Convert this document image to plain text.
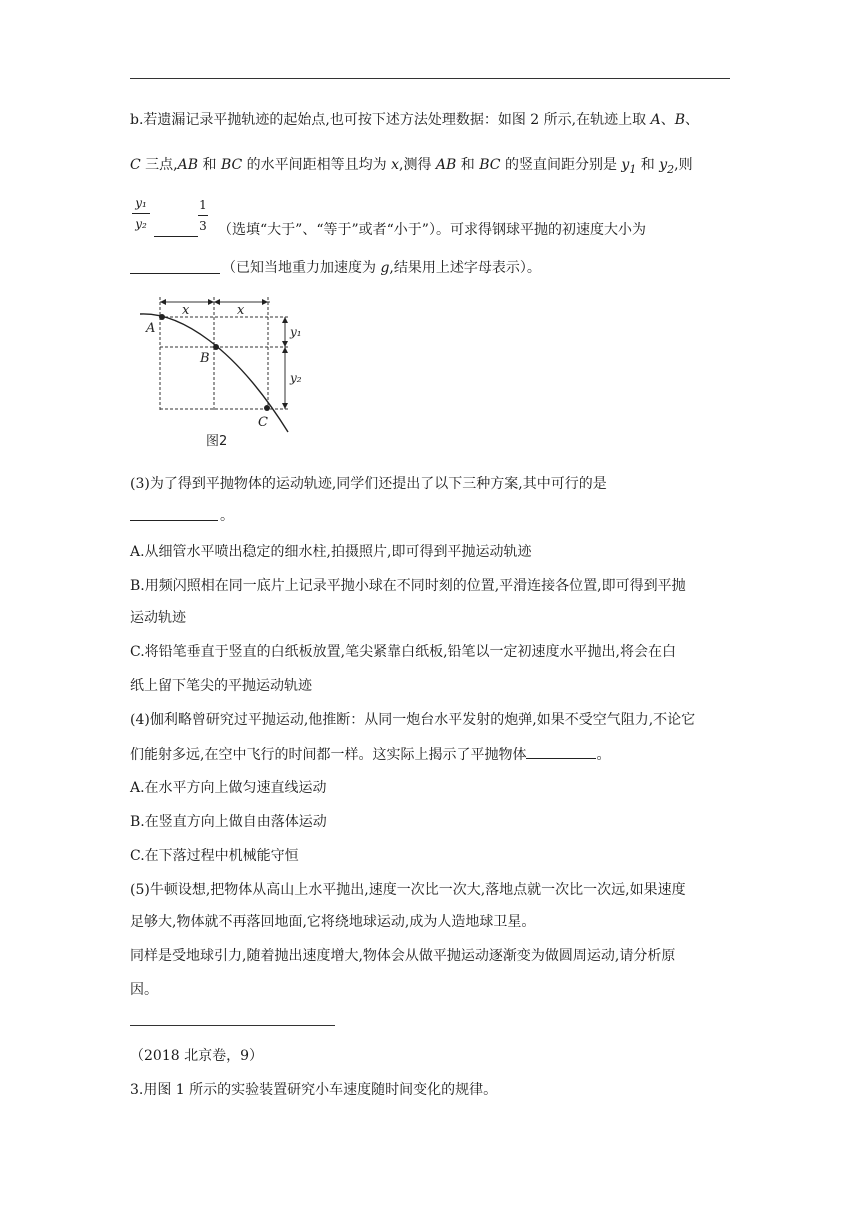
b.若遗漏记录平抛轨迹的起始点,也可按下述方法处理数据：如图 2 所示,在轨迹上取 A、B、
C 三点,AB 和 BC 的水平间距相等且均为 x,测得 AB 和 BC 的竖直间距分别是 $y_1$ 和 $y_2$,则
y₁
y₂
1
3 （选填“大于”、“等于”或者“小于”）。可求得钢球平抛的初速度大小为
（已知当地重力加速度为 g,结果用上述字母表示）。
A
B
C
x	x
y₁
y₂
图2
(3)为了得到平抛物体的运动轨迹,同学们还提出了以下三种方案,其中可行的是
。
A.从细管水平喷出稳定的细水柱,拍摄照片,即可得到平抛运动轨迹
B.用频闪照相在同一底片上记录平抛小球在不同时刻的位置,平滑连接各位置,即可得到平抛
运动轨迹
C.将铅笔垂直于竖直的白纸板放置,笔尖紧靠白纸板,铅笔以一定初速度水平抛出,将会在白
纸上留下笔尖的平抛运动轨迹
(4)伽利略曾研究过平抛运动,他推断：从同一炮台水平发射的炮弹,如果不受空气阻力,不论它
们能射多远,在空中飞行的时间都一样。这实际上揭示了平抛物体	。
A.在水平方向上做匀速直线运动
B.在竖直方向上做自由落体运动
C.在下落过程中机械能守恒
(5)牛顿设想,把物体从高山上水平抛出,速度一次比一次大,落地点就一次比一次远,如果速度
足够大,物体就不再落回地面,它将绕地球运动,成为人造地球卫星。
同样是受地球引力,随着抛出速度增大,物体会从做平抛运动逐渐变为做圆周运动,请分析原
因。
（2018 北京卷，9）
3.用图 1 所示的实验装置研究小车速度随时间变化的规律。
